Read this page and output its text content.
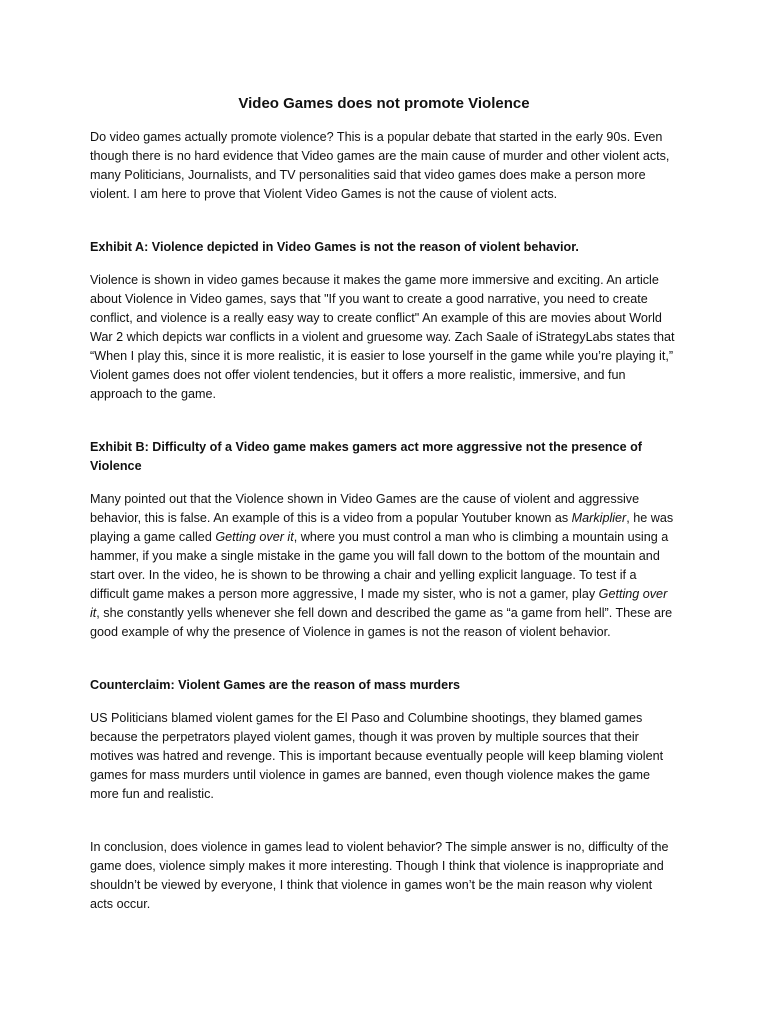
Video Games does not promote Violence

Do video games actually promote violence? This is a popular debate that started in the early 90s. Even though there is no hard evidence that Video games are the main cause of murder and other violent acts, many Politicians, Journalists, and TV personalities said that video games does make a person more violent. I am here to prove that Violent Video Games is not the cause of violent acts.

Exhibit A: Violence depicted in Video Games is not the reason of violent behavior.

Violence is shown in video games because it makes the game more immersive and exciting. An article about Violence in Video games, says that "If you want to create a good narrative, you need to create conflict, and violence is a really easy way to create conflict" An example of this are movies about World War 2 which depicts war conflicts in a violent and gruesome way. Zach Saale of iStrategyLabs states that “When I play this, since it is more realistic, it is easier to lose yourself in the game while you’re playing it,” Violent games does not offer violent tendencies, but it offers a more realistic, immersive, and fun approach to the game.

Exhibit B: Difficulty of a Video game makes gamers act more aggressive not the presence of Violence

Many pointed out that the Violence shown in Video Games are the cause of violent and aggressive behavior, this is false. An example of this is a video from a popular Youtuber known as Markiplier, he was playing a game called Getting over it, where you must control a man who is climbing a mountain using a hammer, if you make a single mistake in the game you will fall down to the bottom of the mountain and start over. In the video, he is shown to be throwing a chair and yelling explicit language. To test if a difficult game makes a person more aggressive, I made my sister, who is not a gamer, play Getting over it, she constantly yells whenever she fell down and described the game as “a game from hell”. These are good example of why the presence of Violence in games is not the reason of violent behavior.

Counterclaim: Violent Games are the reason of mass murders

US Politicians blamed violent games for the El Paso and Columbine shootings, they blamed games because the perpetrators played violent games, though it was proven by multiple sources that their motives was hatred and revenge. This is important because eventually people will keep blaming violent games for mass murders until violence in games are banned, even though violence makes the game more fun and realistic.

In conclusion, does violence in games lead to violent behavior? The simple answer is no, difficulty of the game does, violence simply makes it more interesting. Though I think that violence is inappropriate and shouldn’t be viewed by everyone, I think that violence in games won’t be the main reason why violent acts occur.
